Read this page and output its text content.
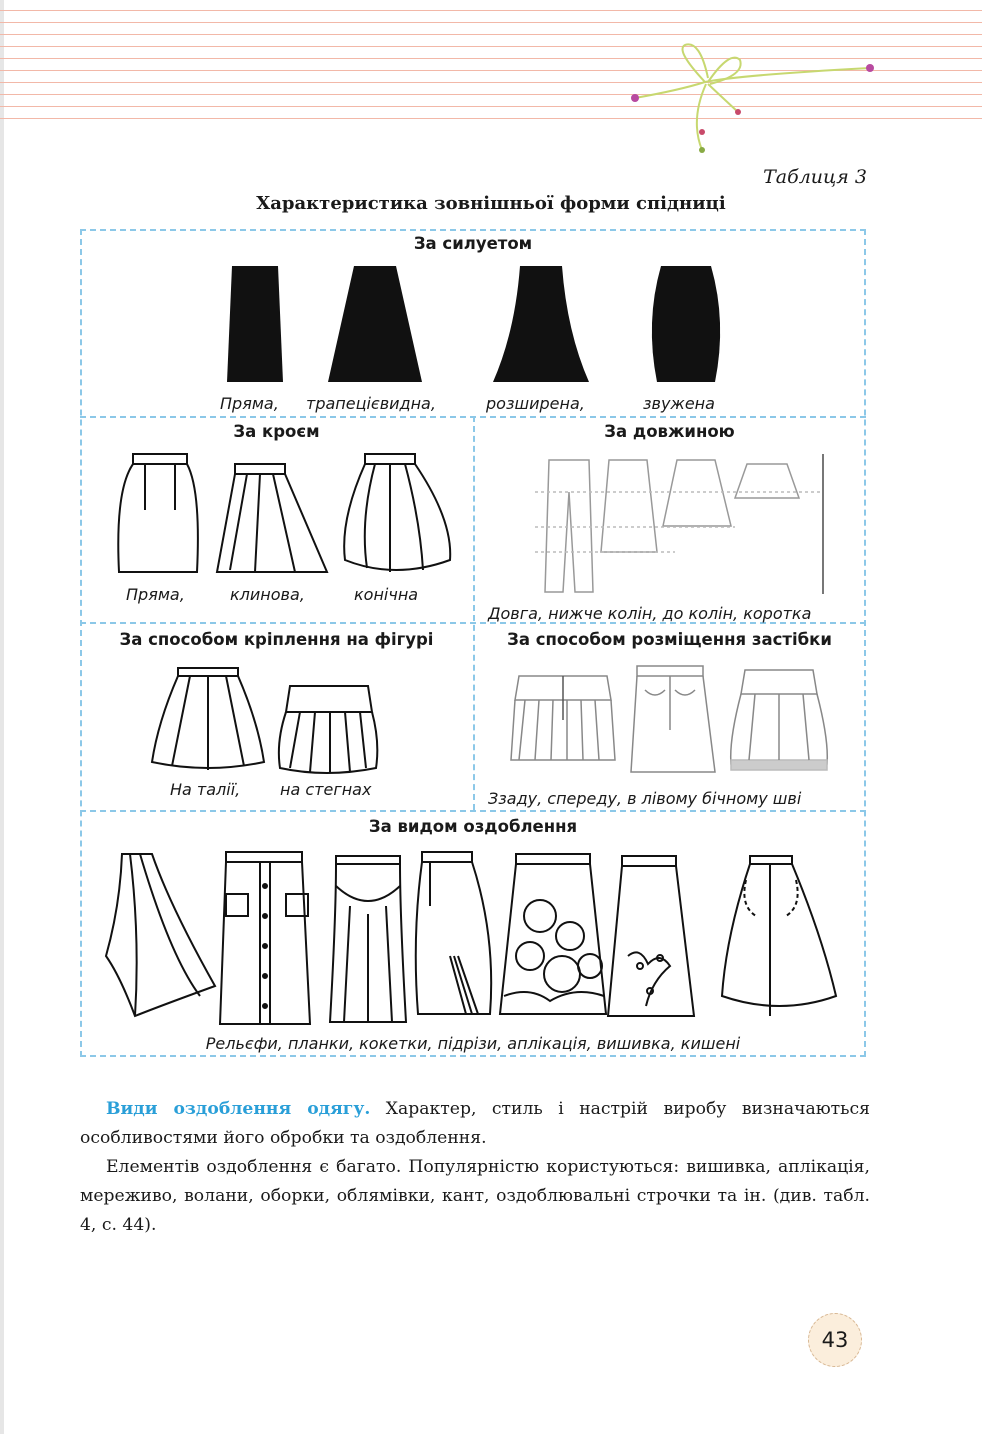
Таблиця 3
Характеристика зовнішньої форми спідниці
За силуетом
Пряма, трапецієвидна,	розширена,	звужена
За кроєм
Пряма,	клинова,	конічна
За довжиною
Довга, нижче колін, до колін, коротка
За способом кріплення на фігурі
На талії, на стегнах
За способом розміщення застібки
Ззаду, спереду, в лівому бічному шві
За видом оздоблення
Рельєфи, планки, кокетки, підрізи, аплікація, вишивка, кишені

Види оздоблення одягу. Характер, стиль і настрій виробу визначаються особливостями його обробки та оздоблення.

Елементів оздоблення є багато. Популярністю користуються: вишивка, аплікація, мереживо, волани, оборки, облямівки, кант, оздоблювальні строчки та ін. (див. табл. 4, с. 44).

43
